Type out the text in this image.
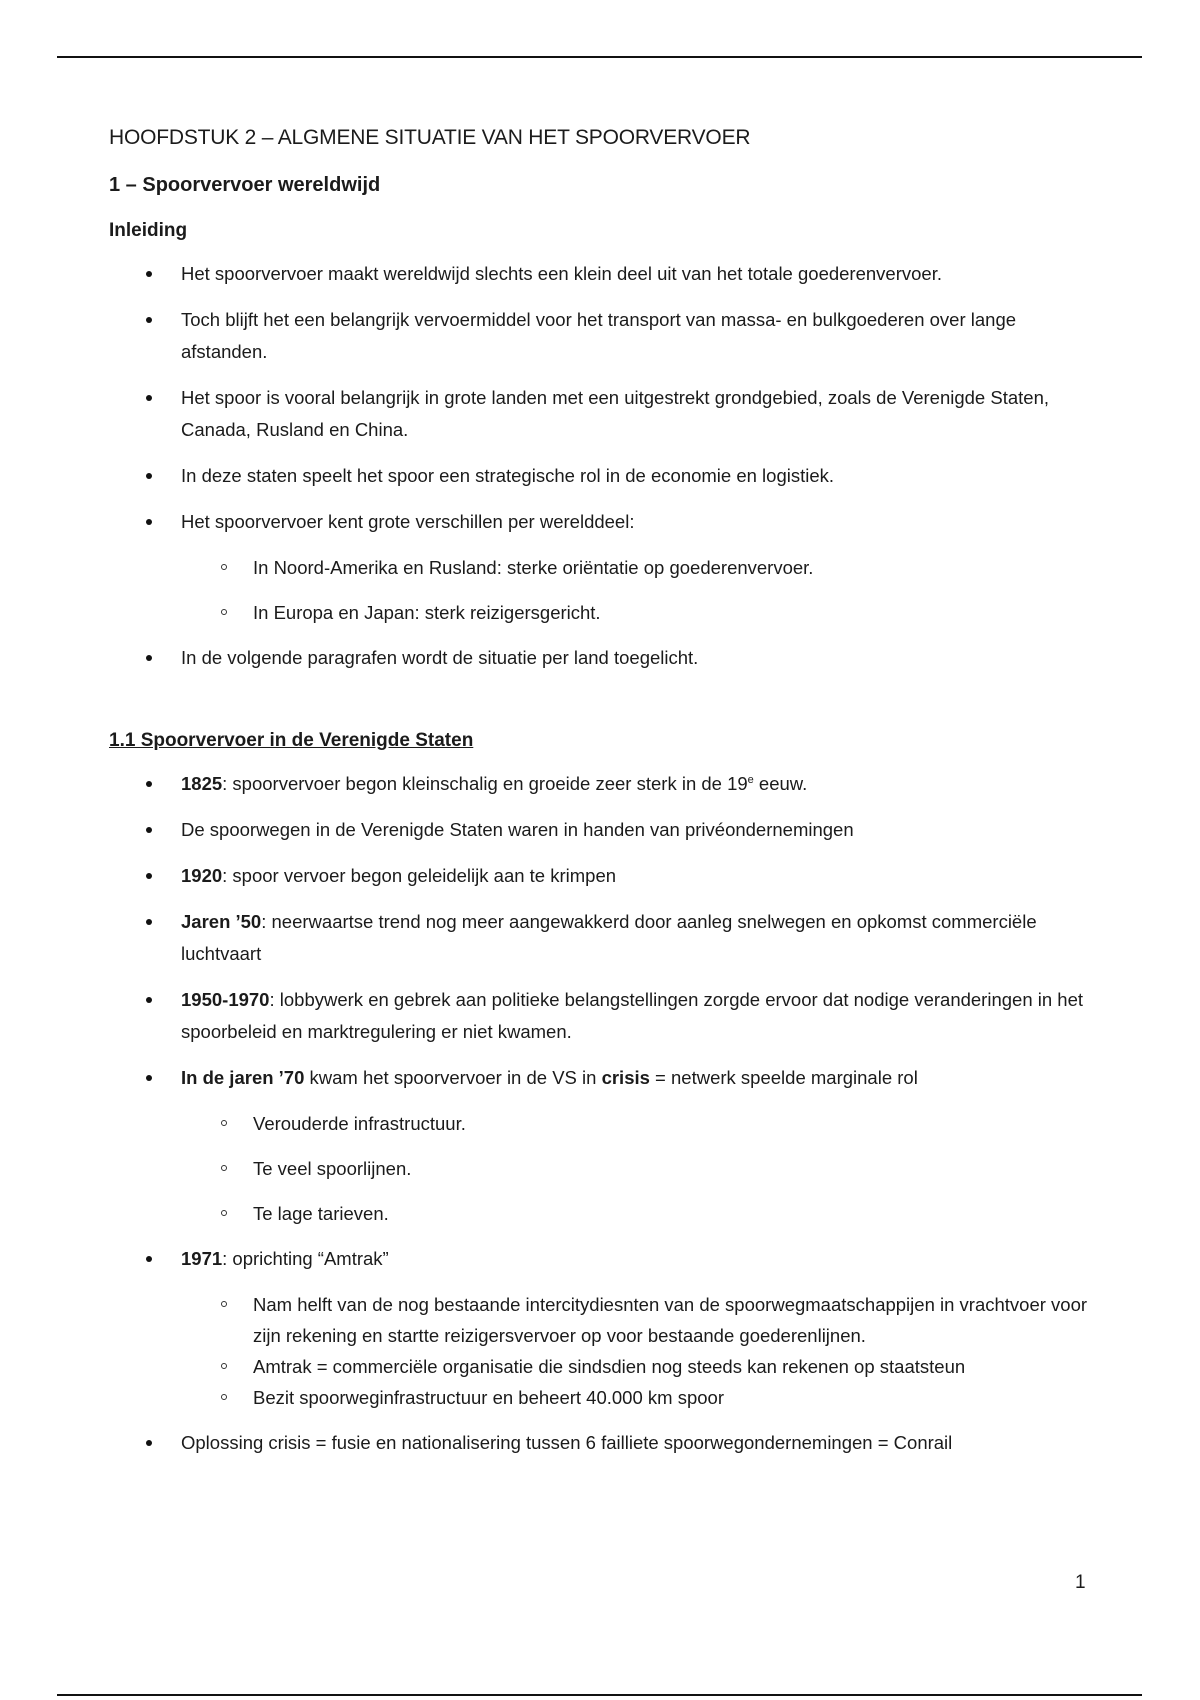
HOOFDSTUK 2 – ALGMENE SITUATIE VAN HET SPOORVERVOER
1 – Spoorvervoer wereldwijd
Inleiding
Het spoorvervoer maakt wereldwijd slechts een klein deel uit van het totale goederenvervoer.
Toch blijft het een belangrijk vervoermiddel voor het transport van massa- en bulkgoederen over lange afstanden.
Het spoor is vooral belangrijk in grote landen met een uitgestrekt grondgebied, zoals de Verenigde Staten, Canada, Rusland en China.
In deze staten speelt het spoor een strategische rol in de economie en logistiek.
Het spoorvervoer kent grote verschillen per werelddeel:
In Noord-Amerika en Rusland: sterke oriëntatie op goederenvervoer.
In Europa en Japan: sterk reizigersgericht.
In de volgende paragrafen wordt de situatie per land toegelicht.
1.1 Spoorvervoer in de Verenigde Staten
1825: spoorvervoer begon kleinschalig en groeide zeer sterk in de 19e eeuw.
De spoorwegen in de Verenigde Staten waren in handen van privéondernemingen
1920: spoor vervoer begon geleidelijk aan te krimpen
Jaren ’50: neerwaartse trend nog meer aangewakkerd door aanleg snelwegen en opkomst commerciële luchtvaart
1950-1970: lobbywerk en gebrek aan politieke belangstellingen zorgde ervoor dat nodige veranderingen in het spoorbeleid en marktregulering er niet kwamen.
In de jaren ’70 kwam het spoorvervoer in de VS in crisis = netwerk speelde marginale rol
Verouderde infrastructuur.
Te veel spoorlijnen.
Te lage tarieven.
1971: oprichting “Amtrak”
Nam helft van de nog bestaande intercitydiesnten van de spoorwegmaatschappijen in vrachtvoer voor zijn rekening en startte reizigersvervoer op voor bestaande goederenlijnen.
Amtrak = commerciële organisatie die sindsdien nog steeds kan rekenen op staatsteun
Bezit spoorweginfrastructuur en beheert 40.000 km spoor
Oplossing crisis = fusie en nationalisering tussen 6 failliete spoorwegondernemingen = Conrail
1
